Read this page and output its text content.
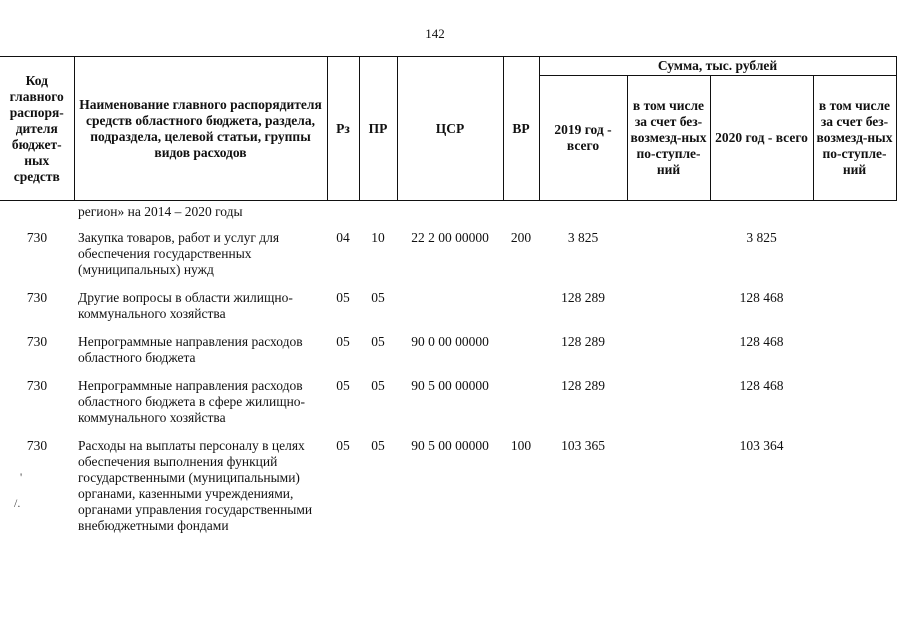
142
/.
'
Код главного распоря-дителя бюджет-ных средств	Наименование главного распорядителя средств областного бюджета, раздела, подраздела, целевой статьи, группы видов расходов	Рз	ПР	ЦСР	ВР	Сумма, тыс. рублей			
						2019 год - всего	в том числе за счет без-возмезд-ных по-ступле-ний	2020 год - всего	в том числе за счет без-возмезд-ных по-ступле-ний
	регион» на 2014 – 2020 годы								
730	Закупка товаров, работ и услуг для обеспечения государственных (муниципальных) нужд	04	10	22 2 00 00000	200	3 825		3 825	
730	Другие вопросы в области жилищно-коммунального хозяйства	05	05			128 289		128 468	
730	Непрограммные направления расходов областного бюджета	05	05	90 0 00 00000		128 289		128 468	
730	Непрограммные направления расходов областного бюджета в сфере жилищно-коммунального хозяйства	05	05	90 5 00 00000		128 289		128 468	
730	Расходы на выплаты персоналу в целях обеспечения выполнения функций государственными (муниципальными) органами, казенными учреждениями, органами управления государственными внебюджетными фондами	05	05	90 5 00 00000	100	103 365		103 364	
